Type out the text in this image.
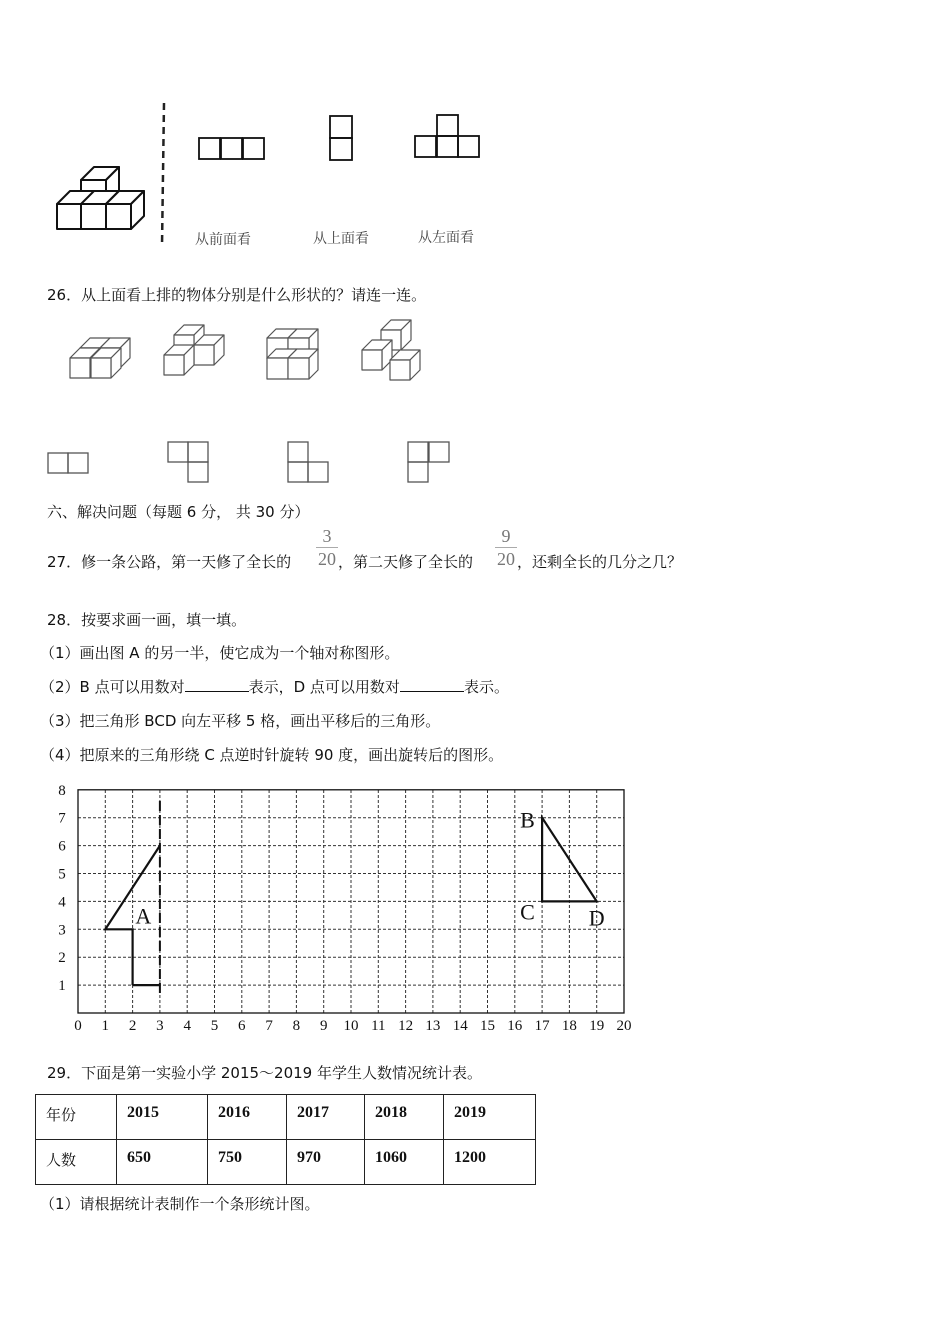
从前面看	从上面看	从左面看
26．从上面看上排的物体分别是什么形状的？请连一连。
六、解决问题（每题 6 分， 共 30 分）
27．修一条公路，第一天修了全长的
3
20 ，第二天修了全长的
9
20 ，还剩全长的几分之几？
28．按要求画一画，填一填。
（1）画出图 A 的另一半，使它成为一个轴对称图形。
（2）B 点可以用数对	表示，D 点可以用数对	表示。
（3）把三角形 BCD 向左平移 5 格，画出平移后的三角形。
（4）把原来的三角形绕 C 点逆时针旋转 90 度，画出旋转后的图形。
0 1 2 3 4 5 6 7 8 9 10 11 12 13 14 15 16 17 18 19 20
1
2
3
4
5
6
7
8
A
B
C D
29．下面是第一实验小学 2015～2019 年学生人数情况统计表。
年份	2015	2016	2017	2018	2019
人数	650	750	970	1060	1200
（1）请根据统计表制作一个条形统计图。
